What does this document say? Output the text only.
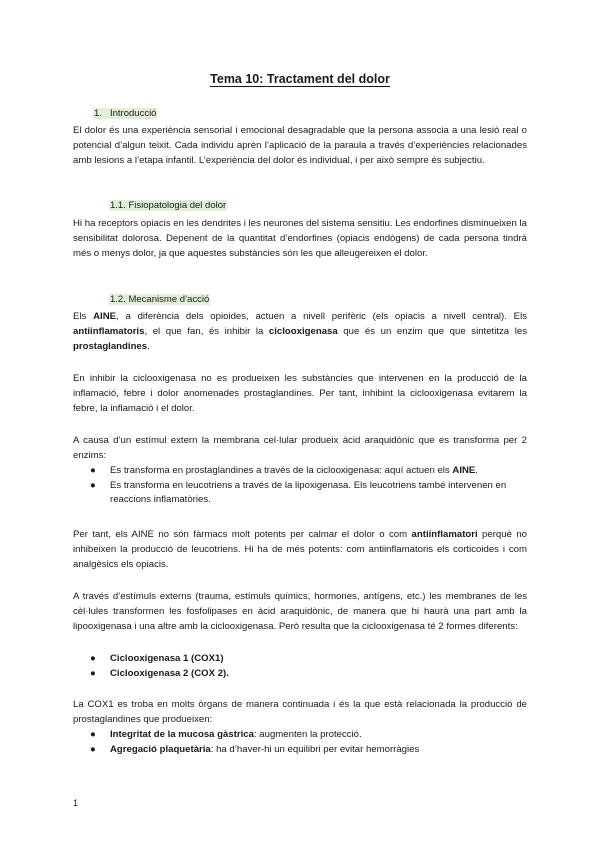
Tema 10: Tractament del dolor
1. Introducció
El dolor és una experiència sensorial i emocional desagradable que la persona associa a una lesió real o potencial d’algun teixit. Cada individu aprèn l’aplicació de la paraula a través d’experiències relacionades amb lesions a l’etapa infantil. L’experiència del dolor és individual, i per això sempre és subjectiu.
1.1. Fisiopatologia del dolor
Hi ha receptors opiacis en les dendrites i les neurones del sistema sensitiu. Les endorfines disminueixen la sensibilitat dolorosa. Depenent de la quantitat d’endorfines (opiacis endògens) de cada persona tindrà més o menys dolor, ja que aquestes substàncies són les que alleugereixen el dolor.
1.2. Mecanisme d’acció
Els AINE, a diferència dels opioides, actuen a nivell perifèric (els opiacis a nivell central). Els antiinflamatoris, el que fan, és inhibir la ciclooxigenasa que és un enzim que que sintetitza les prostaglandines.
En inhibir la ciclooxigenasa no es produeixen les substàncies que intervenen en la producció de la inflamació, febre i dolor anomenades prostaglandines. Per tant, inhibint la ciclooxigenasa evitarem la febre, la inflamació i el dolor.
A causa d’un estímul extern la membrana cel·lular produeix àcid araquidònic que es transforma per 2 enzims:
● Es transforma en prostaglandines a través de la ciclooxigenasa: aquí actuen els AINE.
● Es transforma en leucotriens a través de la lipoxigenasa. Els leucotriens també intervenen en reaccions inflamatòries.
Per tant, els AINE no són fàrmacs molt potents per calmar el dolor o com antiinflamatori perquè no inhibeixen la producció de leucotriens. Hi ha de més potents: com antiinflamatoris els corticoides i com analgèsics els opiacis.
A través d’estímuls externs (trauma, estímuls químics, hormones, antígens, etc.) les membranes de les cèl·lules transformen les fosfolipases en àcid araquidònic, de manera que hi haurà una part amb la lipooxigenasa i una altre amb la ciclooxigenasa. Però resulta que la ciclooxigenasa té 2 formes diferents:
● Ciclooxigenasa 1 (COX1)
● Ciclooxigenasa 2 (COX 2).
La COX1 es troba en molts òrgans de manera continuada i és la que està relacionada la producció de prostaglandines que produeixen:
● Integritat de la mucosa gàstrica: augmenten la protecció.
● Agregació plaquetària: ha d’haver-hi un equilibri per evitar hemorràgies
1
